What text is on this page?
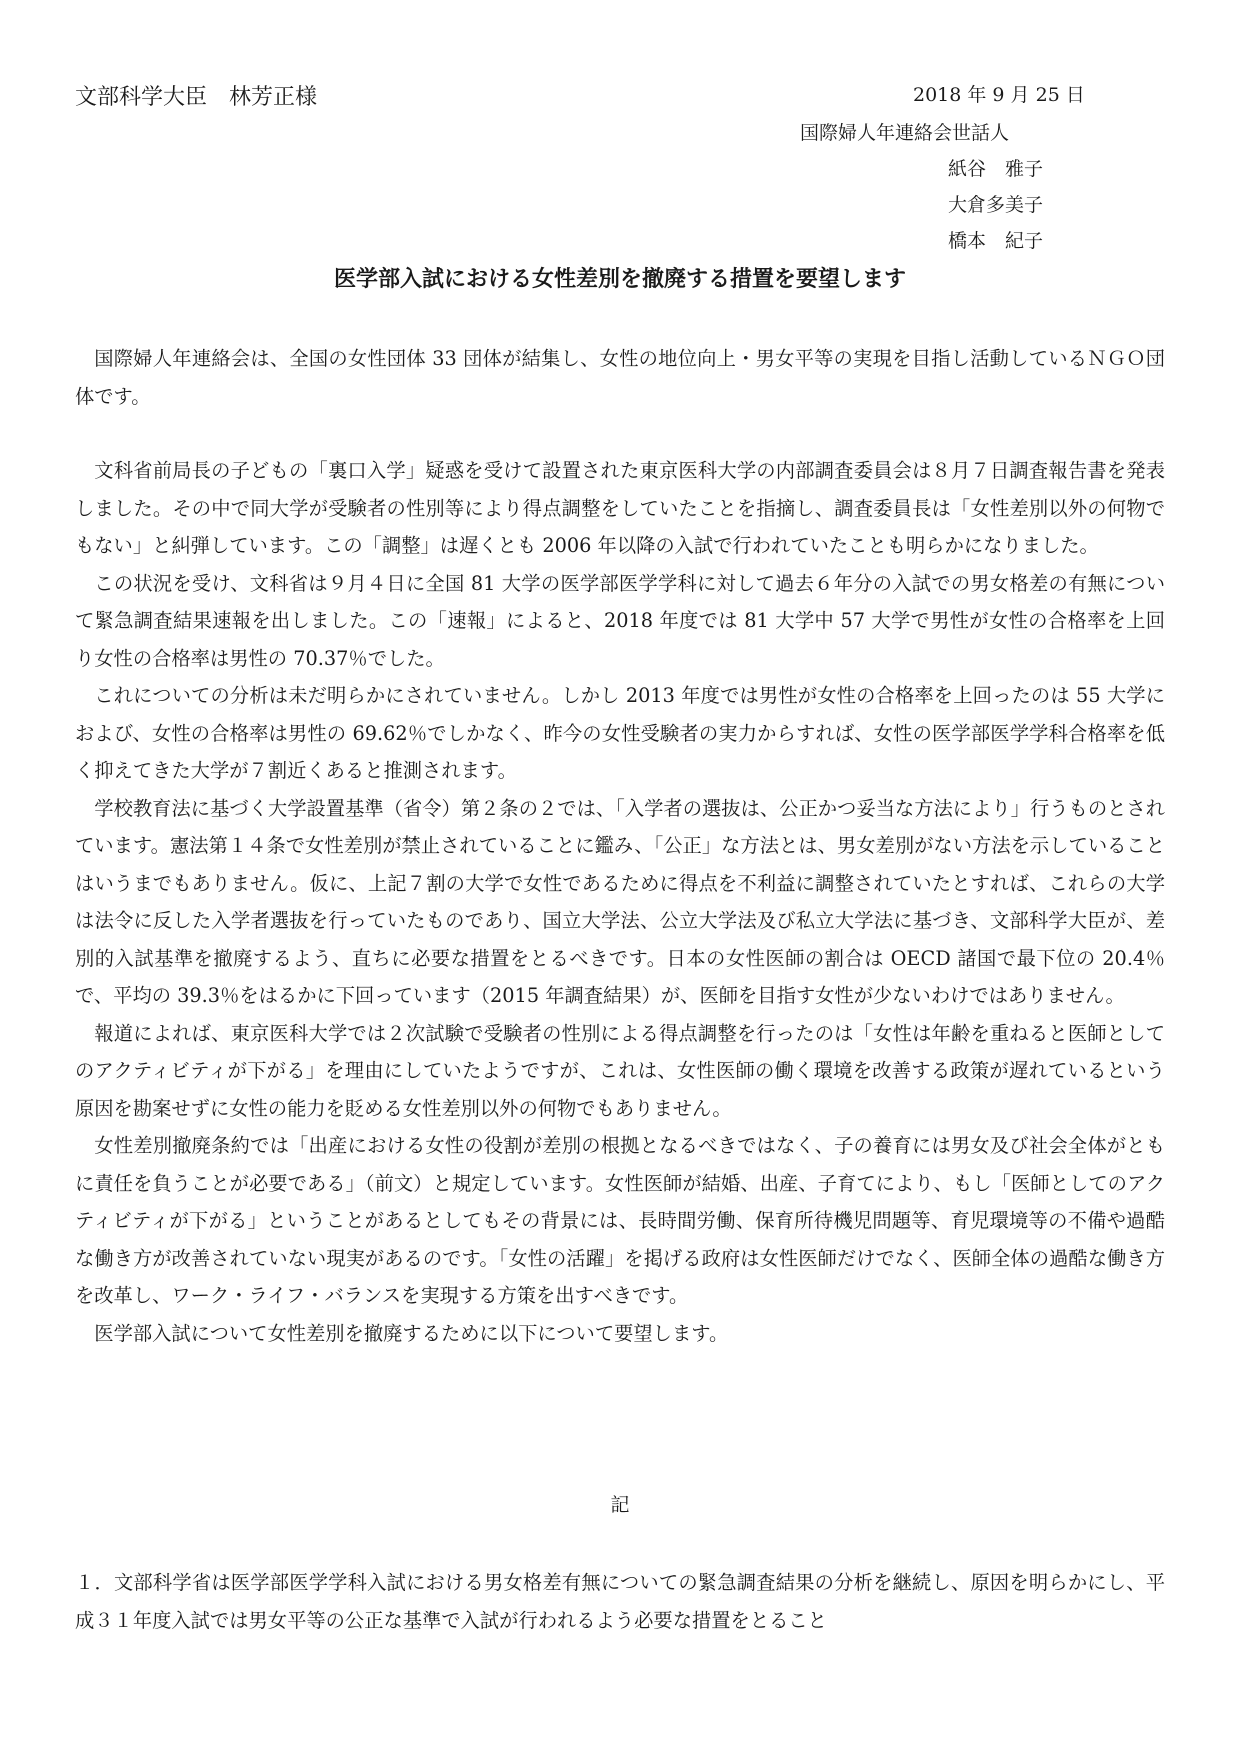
文部科学大臣　林芳正様	2018 年 9 月 25 日
国際婦人年連絡会世話人
紙谷　雅子
大倉多美子
橋本　紀子
医学部入試における女性差別を撤廃する措置を要望します

国際婦人年連絡会は、全国の女性団体 33 団体が結集し、女性の地位向上・男女平等の実現を目指し活動しているＮＧＯ団体です。

文科省前局長の子どもの「裏口入学」疑惑を受けて設置された東京医科大学の内部調査委員会は８月７日調査報告書を発表しました。その中で同大学が受験者の性別等により得点調整をしていたことを指摘し、調査委員長は「女性差別以外の何物でもない」と糾弾しています。この「調整」は遅くとも 2006 年以降の入試で行われていたことも明らかになりました。

この状況を受け、文科省は９月４日に全国 81 大学の医学部医学学科に対して過去６年分の入試での男女格差の有無について緊急調査結果速報を出しました。この「速報」によると、2018 年度では 81 大学中 57 大学で男性が女性の合格率を上回り女性の合格率は男性の 70.37％でした。

これについての分析は未だ明らかにされていません。しかし 2013 年度では男性が女性の合格率を上回ったのは 55 大学におよび、女性の合格率は男性の 69.62％でしかなく、昨今の女性受験者の実力からすれば、女性の医学部医学学科合格率を低く抑えてきた大学が７割近くあると推測されます。

学校教育法に基づく大学設置基準（省令）第２条の２では、「入学者の選抜は、公正かつ妥当な方法により」行うものとされています。憲法第１４条で女性差別が禁止されていることに鑑み、「公正」な方法とは、男女差別がない方法を示していることはいうまでもありません。仮に、上記７割の大学で女性であるために得点を不利益に調整されていたとすれば、これらの大学は法令に反した入学者選抜を行っていたものであり、国立大学法、公立大学法及び私立大学法に基づき、文部科学大臣が、差別的入試基準を撤廃するよう、直ちに必要な措置をとるべきです。日本の女性医師の割合は OECD 諸国で最下位の 20.4％で、平均の 39.3％をはるかに下回っています（2015 年調査結果）が、医師を目指す女性が少ないわけではありません。

報道によれば、東京医科大学では２次試験で受験者の性別による得点調整を行ったのは「女性は年齢を重ねると医師としてのアクティビティが下がる」を理由にしていたようですが、これは、女性医師の働く環境を改善する政策が遅れているという原因を勘案せずに女性の能力を貶める女性差別以外の何物でもありません。

女性差別撤廃条約では「出産における女性の役割が差別の根拠となるべきではなく、子の養育には男女及び社会全体がともに責任を負うことが必要である」（前文）と規定しています。女性医師が結婚、出産、子育てにより、もし「医師としてのアクティビティが下がる」ということがあるとしてもその背景には、長時間労働、保育所待機児問題等、育児環境等の不備や過酷な働き方が改善されていない現実があるのです。「女性の活躍」を掲げる政府は女性医師だけでなく、医師全体の過酷な働き方を改革し、ワーク・ライフ・バランスを実現する方策を出すべきです。

医学部入試について女性差別を撤廃するために以下について要望します。

記

１．文部科学省は医学部医学学科入試における男女格差有無についての緊急調査結果の分析を継続し、原因を明らかにし、平成３１年度入試では男女平等の公正な基準で入試が行われるよう必要な措置をとること
